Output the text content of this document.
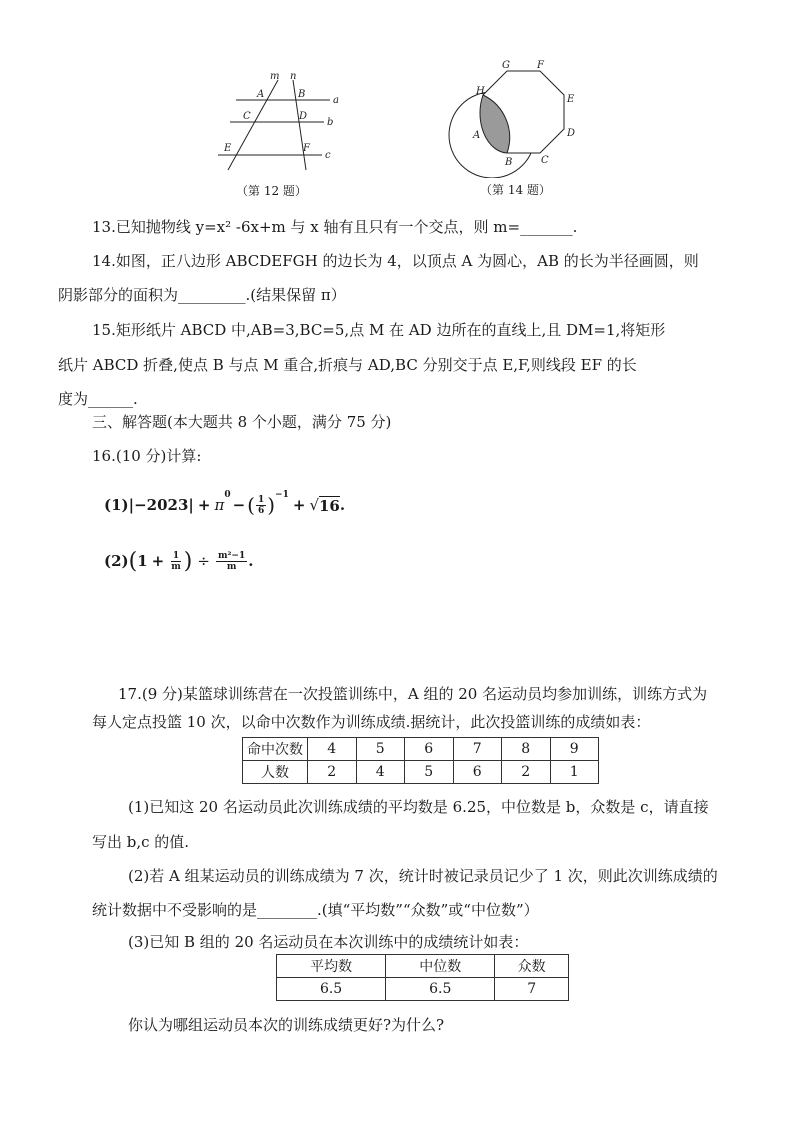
m n
A	B
C	D
E	F
a
b
c
（第 12 题）
G	F
H
E
A	D
B	C
（第 14 题）
13.已知抛物线 y=x² -6x+m 与 x 轴有且只有一个交点，则 m=_______.
14.如图，正八边形 ABCDEFGH 的边长为 4，以顶点 A 为圆心，AB 的长为半径画圆，则
阴影部分的面积为_________.(结果保留 π）
15.矩形纸片 ABCD 中,AB=3,BC=5,点 M 在 AD 边所在的直线上,且 DM=1,将矩形
纸片 ABCD 折叠,使点 B 与点 M 重合,折痕与 AD,BC 分别交于点 E,F,则线段 EF 的长
度为______.
三、解答题(本大题共 8 个小题，满分 75 分)
16.(10 分)计算:
(1) |−2023| + π
$^0$
− ( $\frac{1}{6} )^{-1}$
+ √ 16 .
(2) ( $1 + \frac{1}{m}$ ) ÷ $\frac{\text{m²−1}}{m}$ .
17.(9 分)某篮球训练营在一次投篮训练中，A 组的 20 名运动员均参加训练，训练方式为
每人定点投篮 10 次，以命中次数作为训练成绩.据统计，此次投篮训练的成绩如表：
命中次数	4	5	6	7	8	9
人数	2	4	5	6	2	1
(1)已知这 20 名运动员此次训练成绩的平均数是 6.25，中位数是 b，众数是 c，请直接
写出 b,c 的值.
(2)若 A 组某运动员的训练成绩为 7 次，统计时被记录员记少了 1 次，则此次训练成绩的
统计数据中不受影响的是________.(填“平均数”“众数”或“中位数”）
(3)已知 B 组的 20 名运动员在本次训练中的成绩统计如表：
平均数	中位数	众数
6.5	6.5	7
你认为哪组运动员本次的训练成绩更好?为什么?
